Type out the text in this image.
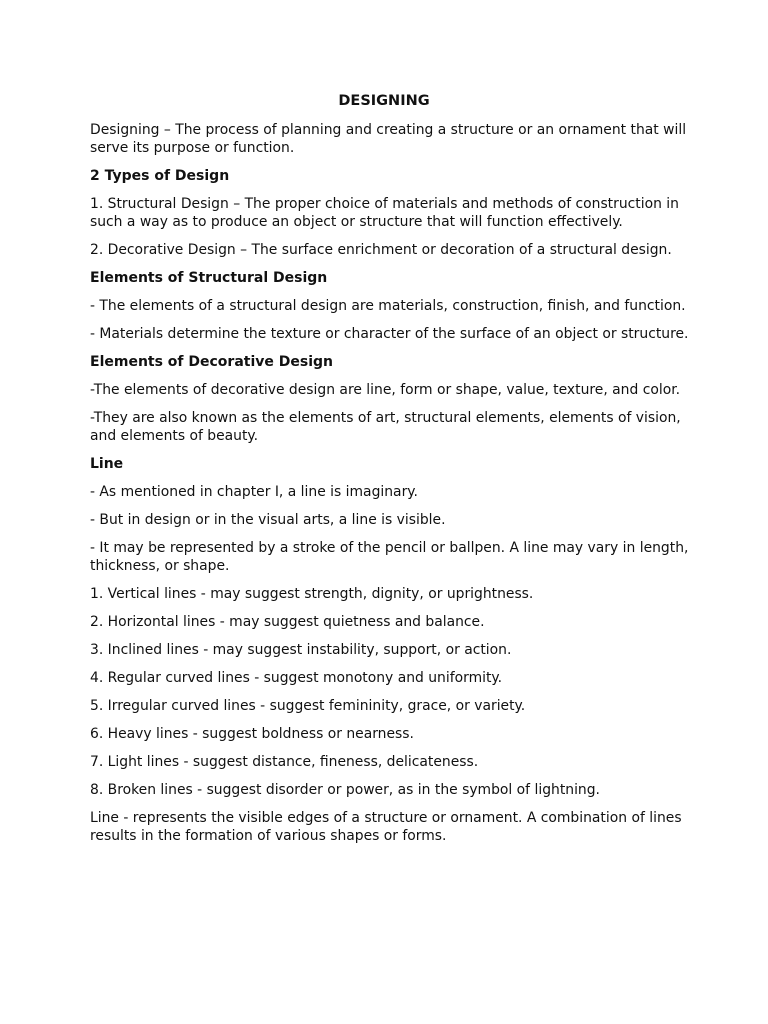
DESIGNING

Designing – The process of planning and creating a structure or an ornament that will serve its purpose or function.

2 Types of Design

1. Structural Design – The proper choice of materials and methods of construction in such a way as to produce an object or structure that will function effectively.

2. Decorative Design – The surface enrichment or decoration of a structural design.

Elements of Structural Design

- The elements of a structural design are materials, construction, finish, and function.

- Materials determine the texture or character of the surface of an object or structure.

Elements of Decorative Design

-The elements of decorative design are line, form or shape, value, texture, and color.

-They are also known as the elements of art, structural elements, elements of vision, and elements of beauty.

Line

- As mentioned in chapter I, a line is imaginary.

- But in design or in the visual arts, a line is visible.

- It may be represented by a stroke of the pencil or ballpen. A line may vary in length, thickness, or shape.

1. Vertical lines - may suggest strength, dignity, or uprightness.

2. Horizontal lines - may suggest quietness and balance.

3. Inclined lines - may suggest instability, support, or action.

4. Regular curved lines - suggest monotony and uniformity.

5. Irregular curved lines - suggest femininity, grace, or variety.

6. Heavy lines - suggest boldness or nearness.

7. Light lines - suggest distance, fineness, delicateness.

8. Broken lines - suggest disorder or power, as in the symbol of lightning.

Line - represents the visible edges of a structure or ornament. A combination of lines results in the formation of various shapes or forms.
